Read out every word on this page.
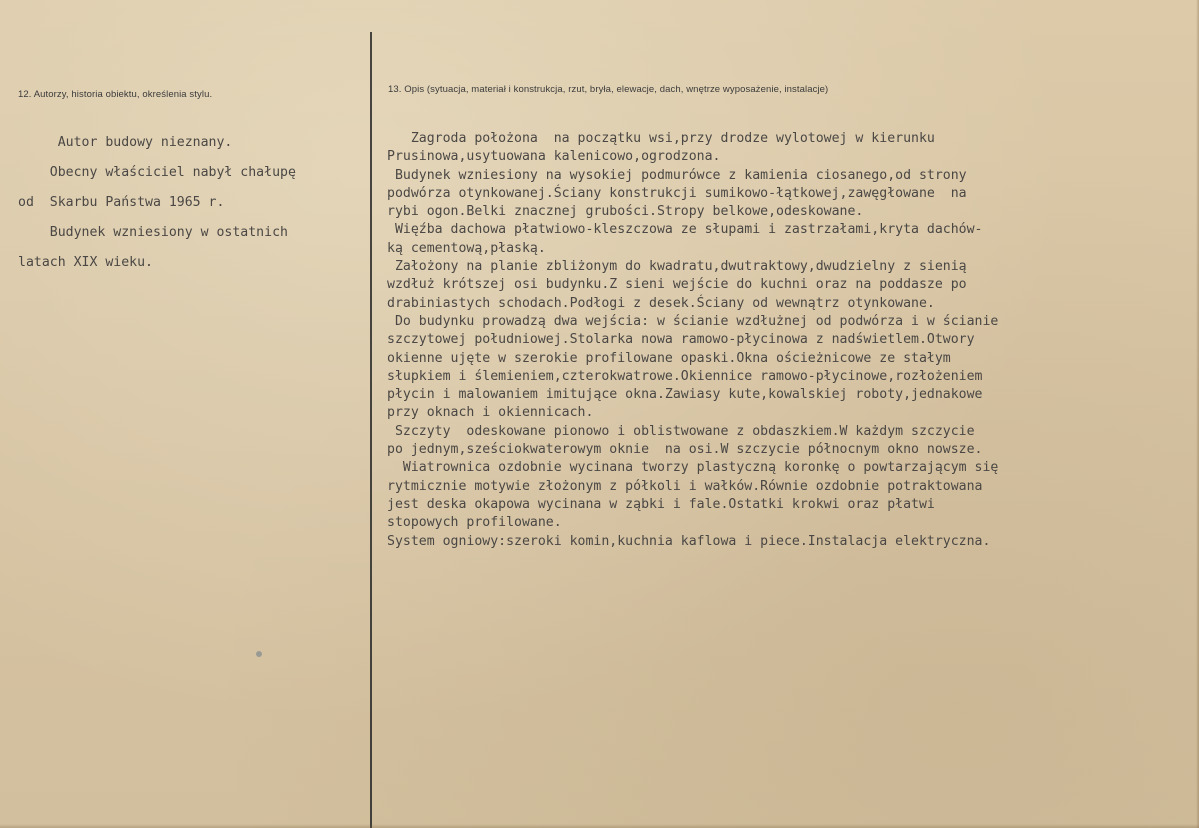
12. Autorzy, historia obiektu, określenia stylu.	13. Opis (sytuacja, materiał i konstrukcja, rzut, bryła, elewacje, dach, wnętrze wyposażenie, instalacje)
Autor budowy nieznany.
Obecny właściciel nabył chałupę
od  Skarbu Państwa 1965 r.
Budynek wzniesiony w ostatnich
latach XIX wieku.
Zagroda położona  na początku wsi,przy drodze wylotowej w kierunku
Prusinowa,usytuowana kalenicowo,ogrodzona.
Budynek wzniesiony na wysokiej podmurówce z kamienia ciosanego,od strony
podwórza otynkowanej.Ściany konstrukcji sumikowo-łątkowej,zawęgłowane  na
rybi ogon.Belki znacznej grubości.Stropy belkowe,odeskowane.
Więźba dachowa płatwiowo-kleszczowa ze słupami i zastrzałami,kryta dachów-
ką cementową,płaską.
Założony na planie zbliżonym do kwadratu,dwutraktowy,dwudzielny z sienią
wzdłuż krótszej osi budynku.Z sieni wejście do kuchni oraz na poddasze po
drabiniastych schodach.Podłogi z desek.Ściany od wewnątrz otynkowane.
Do budynku prowadzą dwa wejścia: w ścianie wzdłużnej od podwórza i w ścianie
szczytowej południowej.Stolarka nowa ramowo-płycinowa z nadświetlem.Otwory
okienne ujęte w szerokie profilowane opaski.Okna ościeżnicowe ze stałym
słupkiem i ślemieniem,czterokwatrowe.Okiennice ramowo-płycinowe,rozłożeniem
płycin i malowaniem imitujące okna.Zawiasy kute,kowalskiej roboty,jednakowe
przy oknach i okiennicach.
Szczyty  odeskowane pionowo i oblistwowane z obdaszkiem.W każdym szczycie
po jednym,sześciokwaterowym oknie  na osi.W szczycie północnym okno nowsze.
Wiatrownica ozdobnie wycinana tworzy plastyczną koronkę o powtarzającym się
rytmicznie motywie złożonym z półkoli i wałków.Równie ozdobnie potraktowana
jest deska okapowa wycinana w ząbki i fale.Ostatki krokwi oraz płatwi
stopowych profilowane.
System ogniowy:szeroki komin,kuchnia kaflowa i piece.Instalacja elektryczna.
